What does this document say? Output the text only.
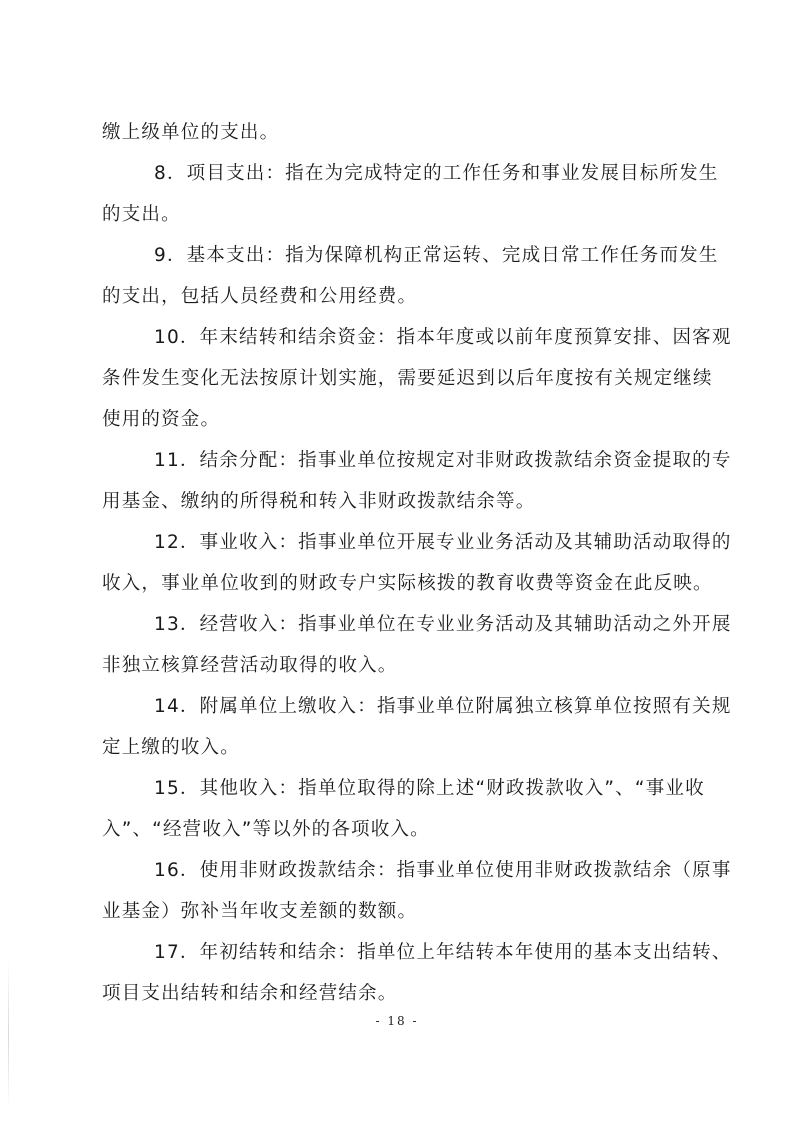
缴上级单位的支出。
8．项目支出：指在为完成特定的工作任务和事业发展目标所发生
的支出。
9．基本支出：指为保障机构正常运转、完成日常工作任务而发生
的支出，包括人员经费和公用经费。
10．年末结转和结余资金：指本年度或以前年度预算安排、因客观
条件发生变化无法按原计划实施，需要延迟到以后年度按有关规定继续
使用的资金。
11．结余分配：指事业单位按规定对非财政拨款结余资金提取的专
用基金、缴纳的所得税和转入非财政拨款结余等。
12．事业收入：指事业单位开展专业业务活动及其辅助活动取得的
收入，事业单位收到的财政专户实际核拨的教育收费等资金在此反映。
13．经营收入：指事业单位在专业业务活动及其辅助活动之外开展
非独立核算经营活动取得的收入。
14．附属单位上缴收入：指事业单位附属独立核算单位按照有关规
定上缴的收入。
15．其他收入：指单位取得的除上述“财政拨款收入”、“事业收
入”、“经营收入”等以外的各项收入。
16．使用非财政拨款结余：指事业单位使用非财政拨款结余（原事
业基金）弥补当年收支差额的数额。
17．年初结转和结余：指单位上年结转本年使用的基本支出结转、
项目支出结转和结余和经营结余。
- 18 -
